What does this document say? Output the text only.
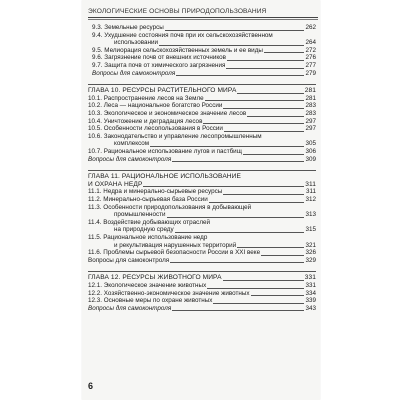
ЭКОЛОГИЧЕСКИЕ ОСНОВЫ ПРИРОДОПОЛЬЗОВАНИЯ
9.3. Земельные ресурсы	262
9.4. Ухудшение состояния почв при их сельскохозяйственном
использовании	264
9.5. Мелиорация сельскохозяйственных земель и ее виды	272
9.6. Загрязнение почв от внешних источников	276
9.7. Защита почв от химического загрязнения	277
Вопросы для самоконтроля	279
ГЛАВА 10. РЕСУРСЫ РАСТИТЕЛЬНОГО МИРА	281
10.1. Распространение лесов на Земле	281
10.2. Леса — национальное богатство России	283
10.3. Экологическое и экономическое значение лесов	283
10.4. Уничтожение и деградация лесов	297
10.5. Особенности лесопользования в России	297
10.6. Законодательство и управление лесопромышленным
комплексом	305
10.7. Рациональное использование лугов и пастбищ	306
Вопросы для самоконтроля	309
ГЛАВА 11. РАЦИОНАЛЬНОЕ ИСПОЛЬЗОВАНИЕ
И ОХРАНА НЕДР	311
11.1. Недра и минерально-сырьевые ресурсы	311
11.2. Минерально-сырьевая база России	312
11.3. Особенности природопользования в добывающей
промышленности	313
11.4. Воздействие добывающих отраслей
на природную среду	315
11.5. Рациональное использование недр
и рекультивация нарушенных территорий	321
11.6. Проблемы сырьевой безопасности России в XXI веке	326
Вопросы для самоконтроля	329
ГЛАВА 12. РЕСУРСЫ ЖИВОТНОГО МИРА	331
12.1. Экологическое значение животных	331
12.2. Хозяйственно-экономическое значение животных	334
12.3. Основные меры по охране животных	339
Вопросы для самоконтроля	343
6
